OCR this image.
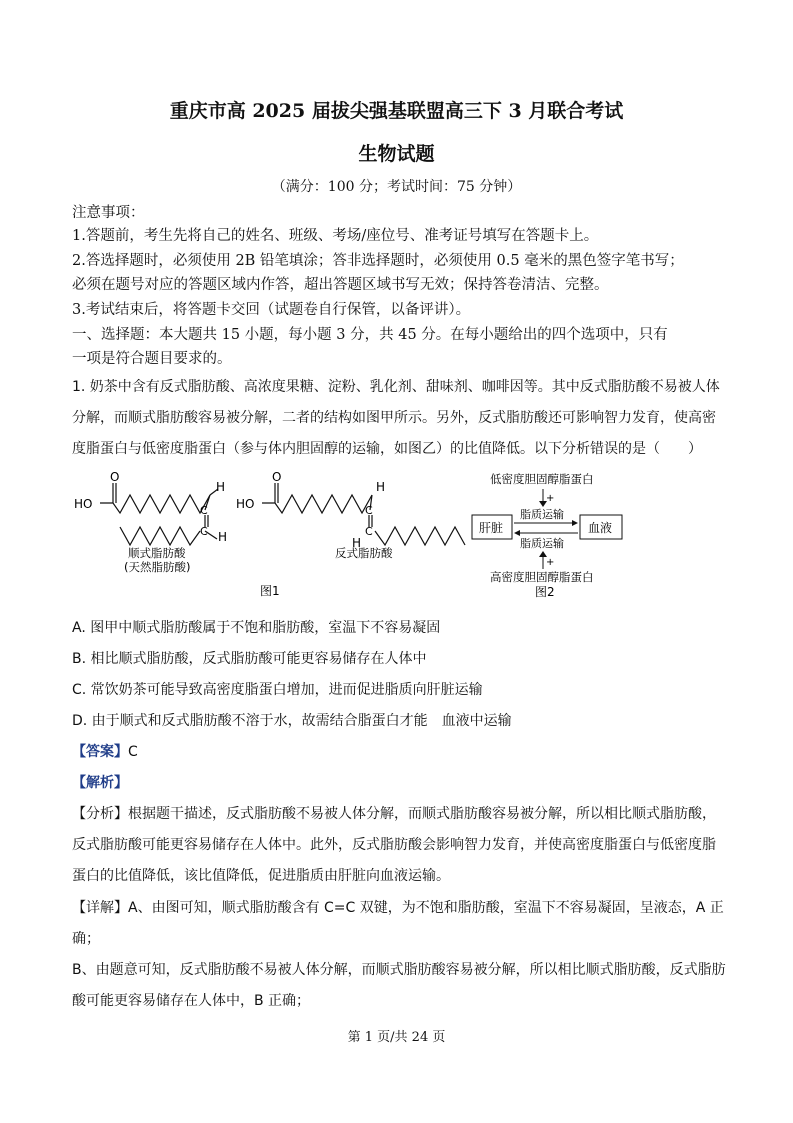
重庆市高 2025 届拔尖强基联盟高三下 3 月联合考试
生物试题
（满分：100 分；考试时间：75 分钟）
注意事项：
1.答题前，考生先将自己的姓名、班级、考场/座位号、准考证号填写在答题卡上。
2.答选择题时，必须使用 2B 铅笔填涂；答非选择题时，必须使用 0.5 毫米的黑色签字笔书写；
必须在题号对应的答题区域内作答，超出答题区域书写无效；保持答卷清洁、完整。
3.考试结束后，将答题卡交回（试题卷自行保管，以备评讲）。
一、选择题：本大题共 15 小题，每小题 3 分，共 45 分。在每小题给出的四个选项中，只有
一项是符合题目要求的。
1. 奶茶中含有反式脂肪酸、高浓度果糖、淀粉、乳化剂、甜味剂、咖啡因等。其中反式脂肪酸不易被人体
分解，而顺式脂肪酸容易被分解，二者的结构如图甲所示。另外，反式脂肪酸还可影响智力发育，使高密
度脂蛋白与低密度脂蛋白（参与体内胆固醇的运输，如图乙）的比值降低。以下分析错误的是（　　）
HO
O
H
C
C H
顺式脂肪酸
(天然脂肪酸)
HO
O
H
C
C
H
反式脂肪酸
图1
低密度胆固醇脂蛋白
+
肝脏	血液
脂质运输
脂质运输
+
高密度胆固醇脂蛋白
图2
A. 图甲中顺式脂肪酸属于不饱和脂肪酸，室温下不容易凝固
B. 相比顺式脂肪酸，反式脂肪酸可能更容易储存在人体中
C. 常饮奶茶可能导致高密度脂蛋白增加，进而促进脂质向肝脏运输
D. 由于顺式和反式脂肪酸不溶于水，故需结合脂蛋白才能　血液中运输
【答案】C
【解析】
【分析】根据题干描述，反式脂肪酸不易被人体分解，而顺式脂肪酸容易被分解，所以相比顺式脂肪酸，
反式脂肪酸可能更容易储存在人体中。此外，反式脂肪酸会影响智力发育，并使高密度脂蛋白与低密度脂
蛋白的比值降低，该比值降低，促进脂质由肝脏向血液运输。
【详解】A、由图可知，顺式脂肪酸含有 C=C 双键，为不饱和脂肪酸，室温下不容易凝固，呈液态，A 正
确；
B、由题意可知，反式脂肪酸不易被人体分解，而顺式脂肪酸容易被分解，所以相比顺式脂肪酸，反式脂肪
酸可能更容易储存在人体中，B 正确；
第 1 页/共 24 页
